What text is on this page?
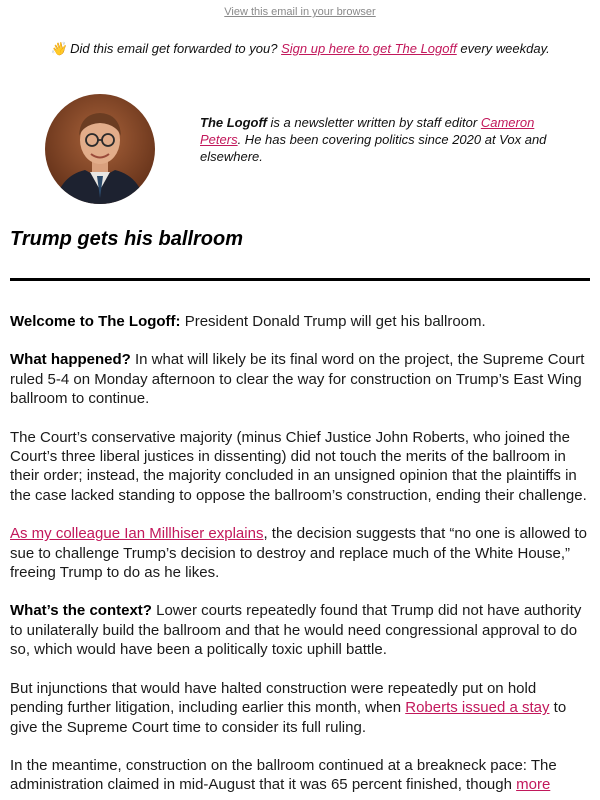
View this email in your browser
👋 Did this email get forwarded to you? Sign up here to get The Logoff every weekday.
The Logoff is a newsletter written by staff editor Cameron Peters. He has been covering politics since 2020 at Vox and elsewhere.
Trump gets his ballroom

Welcome to The Logoff: President Donald Trump will get his ballroom.

What happened? In what will likely be its final word on the project, the Supreme Court ruled 5-4 on Monday afternoon to clear the way for construction on Trump’s East Wing ballroom to continue.

The Court’s conservative majority (minus Chief Justice John Roberts, who joined the Court’s three liberal justices in dissenting) did not touch the merits of the ballroom in their order; instead, the majority concluded in an unsigned opinion that the plaintiffs in the case lacked standing to oppose the ballroom’s construction, ending their challenge.

As my colleague Ian Millhiser explains, the decision suggests that “no one is allowed to sue to challenge Trump’s decision to destroy and replace much of the White House,” freeing Trump to do as he likes.

What’s the context? Lower courts repeatedly found that Trump did not have authority to unilaterally build the ballroom and that he would need congressional approval to do so, which would have been a politically toxic uphill battle.

But injunctions that would have halted construction were repeatedly put on hold pending further litigation, including earlier this month, when Roberts issued a stay to give the Supreme Court time to consider its full ruling.

In the meantime, construction on the ballroom continued at a breakneck pace: The administration claimed in mid-August that it was 65 percent finished, though more
